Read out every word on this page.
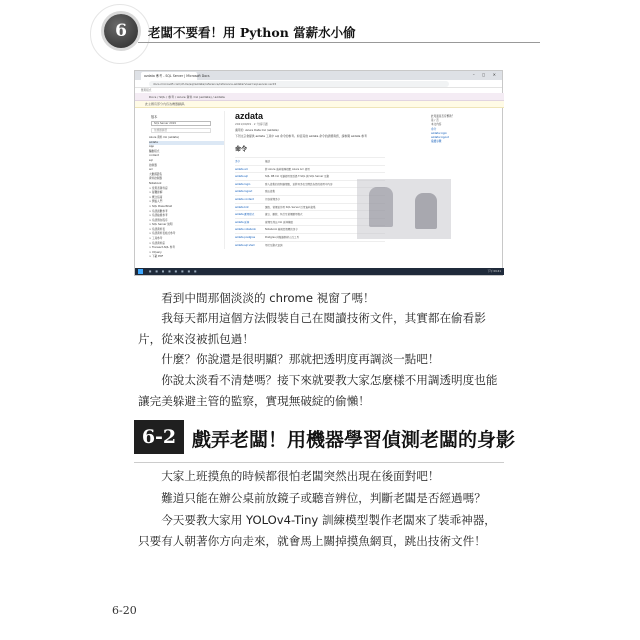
6	老闆不要看！用 Python 當薪水小偷
azdata 參考 - SQL Server | Microsoft Docs	– ◻ ✕
docs.microsoft.com/zh-tw/sql/azdata/reference/reference-azdata?view=sql-server-ver15
應用程式
Docs / SQL / 參考 / Azure 資料 CLI (azdata) / azdata
此主題有部分內容為機器翻譯。
版本
SQL Server 2019
依標題篩選
Azure 資料 CLI (azdata)
azdata
App
驅動程式
context
sql
控制器
arc
大數據叢集
資料控制器
Notebook
> 使用者資料庫
> 疑難排解
> 概念指南
> 開始入門
> SQL PowerShell
> 系統函數參考
> 系統檢視參考
> 系統預存程序
> SQL Server 說明
> 系統資料表
> 系統資料表格式參考
> 工具參考
> 系統資料庫
> Transact-SQL 參考
> XQuery
> 下載 PDF
azdata
2021/09/09 · 2 分鐘可讀
適用於: Azure Data CLI (azdata)
下列文章會提供 azdata 工具中 sql 命令的參考。如需其他 azdata 命令的詳細資訊，請參閱 azdata 參考
命令
命令	描述
azdata arc	將 Azure 資料服務搭配 Azure Arc 使用
azdata sql	SQL DB CLI 可讓使用者透過 T-SQL 與 SQL Server 互動
azdata login	登入叢集的控制器端點，並將其命名空間設為您的使用中內容
azdata logout	登出叢集
azdata context	內容管理命令
azdata bdc	選取、管理並作用 SQL Server 巨量資料叢集
azdata 應用程式	建立、刪除、執行及管理應用程式
azdata 延伸	管理及列出 CLI 延伸模組
azdata notebook	Notebook 檢視終端機的命令
azdata postgres	Postgres 伺服器開發人員工具
azdata sql shell	用於互動式查詢
此頁面是否有幫助？
是 / 否
本文內容
命令
azdata login
azdata logout
後續步驟
■■■■■■■■	下午 09:41

看到中間那個淡淡的 chrome 視窗了嗎！

我每天都用這個方法假裝自己在閱讀技術文件，其實都在偷看影片，從來沒被抓包過！

什麼？你說還是很明顯？那就把透明度再調淡一點吧！

你說太淡看不清楚嗎？接下來就要教大家怎麼樣不用調透明度也能讓完美躲避主管的監察，實現無破綻的偷懶！

6-2 戲弄老闆！用機器學習偵測老闆的身影

大家上班摸魚的時候都很怕老闆突然出現在後面對吧！

難道只能在辦公桌前放鏡子或聽音辨位，判斷老闆是否經過嗎？

今天要教大家用 YOLOv4-Tiny 訓練模型製作老闆來了裝乖神器，只要有人朝著你方向走來，就會馬上關掉摸魚網頁，跳出技術文件！

6-20
